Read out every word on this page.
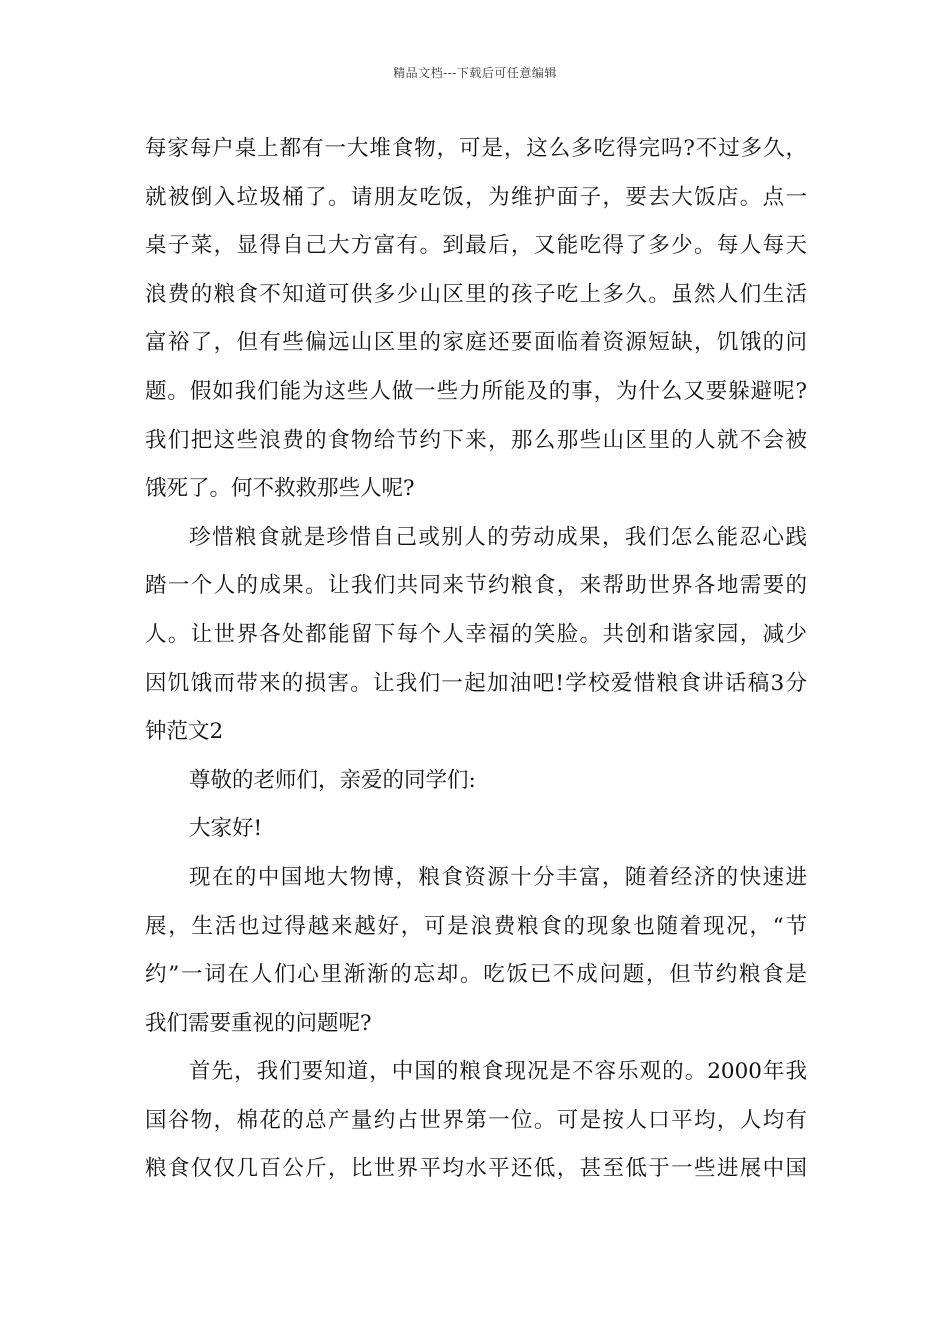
精品文档---下载后可任意编辑
每家每户桌上都有一大堆食物，可是，这么多吃得完吗?不过多久，
就被倒入垃圾桶了。请朋友吃饭，为维护面子，要去大饭店。点一
桌子菜，显得自己大方富有。到最后，又能吃得了多少。每人每天
浪费的粮食不知道可供多少山区里的孩子吃上多久。虽然人们生活
富裕了，但有些偏远山区里的家庭还要面临着资源短缺，饥饿的问
题。假如我们能为这些人做一些力所能及的事，为什么又要躲避呢?
我们把这些浪费的食物给节约下来，那么那些山区里的人就不会被
饿死了。何不救救那些人呢?
珍惜粮食就是珍惜自己或别人的劳动成果，我们怎么能忍心践
踏一个人的成果。让我们共同来节约粮食，来帮助世界各地需要的
人。让世界各处都能留下每个人幸福的笑脸。共创和谐家园，减少
因饥饿而带来的损害。让我们一起加油吧!学校爱惜粮食讲话稿3分
钟范文2
尊敬的老师们，亲爱的同学们:
大家好!
现在的中国地大物博，粮食资源十分丰富，随着经济的快速进
展，生活也过得越来越好，可是浪费粮食的现象也随着现况，“节
约”一词在人们心里渐渐的忘却。吃饭已不成问题，但节约粮食是
我们需要重视的问题呢?
首先，我们要知道，中国的粮食现况是不容乐观的。2000年我
国谷物，棉花的总产量约占世界第一位。可是按人口平均，人均有
粮食仅仅几百公斤，比世界平均水平还低，甚至低于一些进展中国
